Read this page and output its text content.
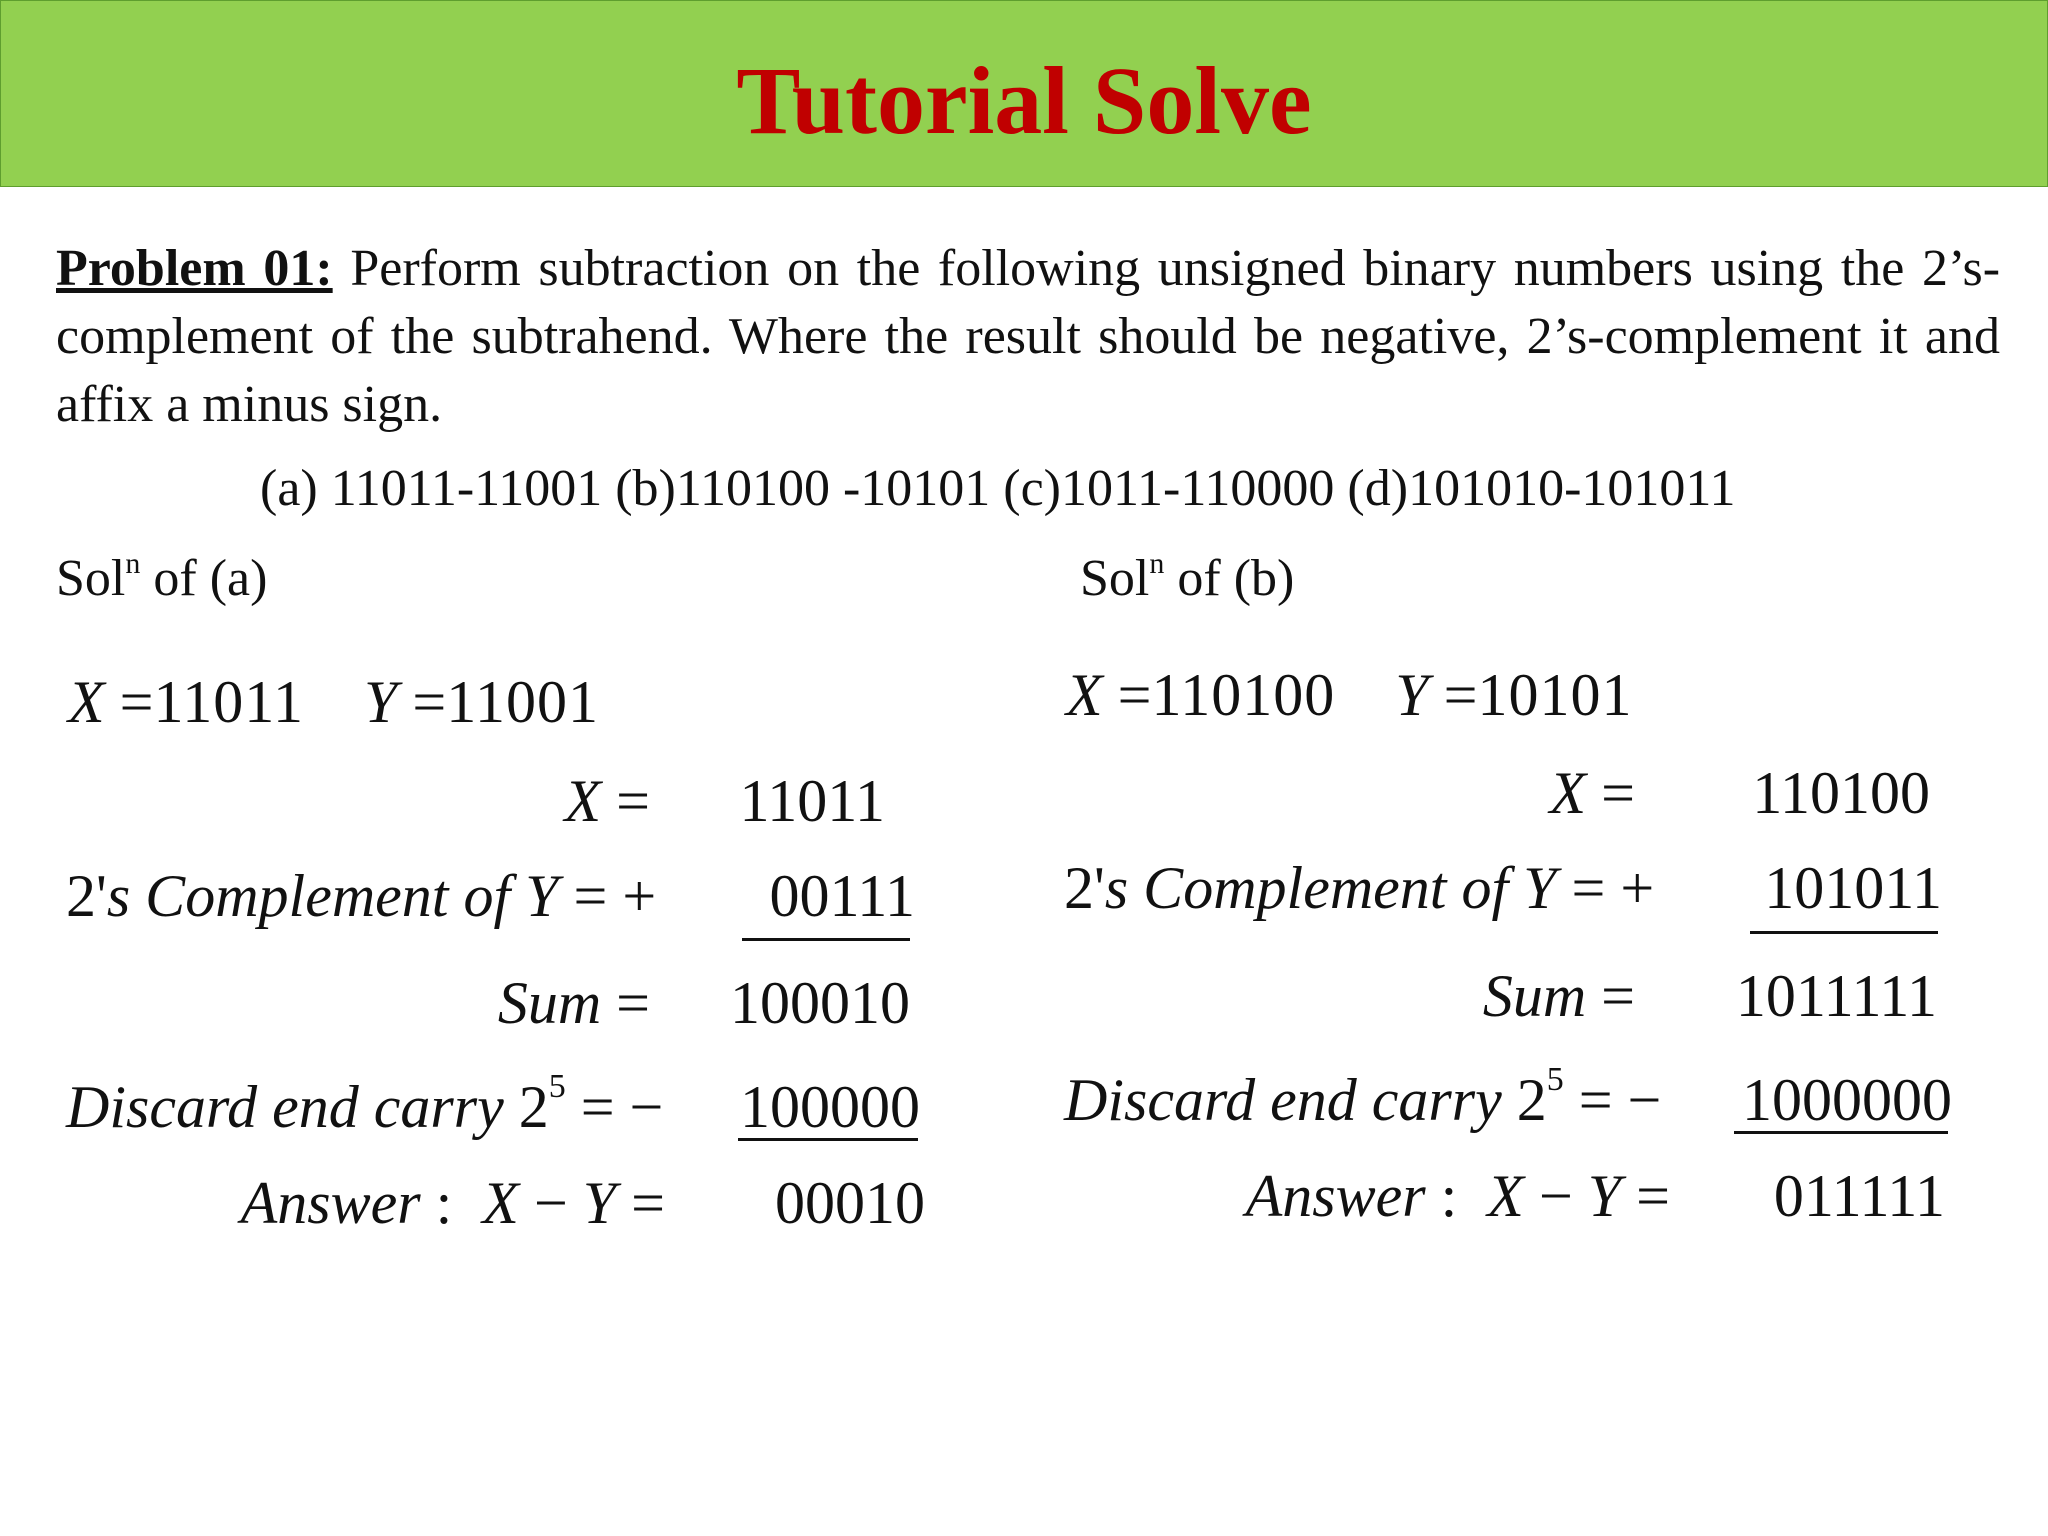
Tutorial Solve
Problem 01: Perform subtraction on the following unsigned binary numbers using the 2’s-complement of the subtrahend. Where the result should be negative, 2’s-complement it and affix a minus sign.
(a) 11011-11001 (b)110100 -10101 (c)1011-110000 (d)101010-101011
Sol$^n$ of (a)
X =11011 Y =11001
X =	11011
2's Complement of Y = +	00111
Sum =	100010
Discard end carry $2^5$ = −	100000
Answer :  X − Y =	00010
Sol$^n$ of (b)
X =110100 Y =10101
X =	110100
2's Complement of Y = +	101011
Sum =	1011111
Discard end carry $2^5$ = −	1000000
Answer :  X − Y =	011111
